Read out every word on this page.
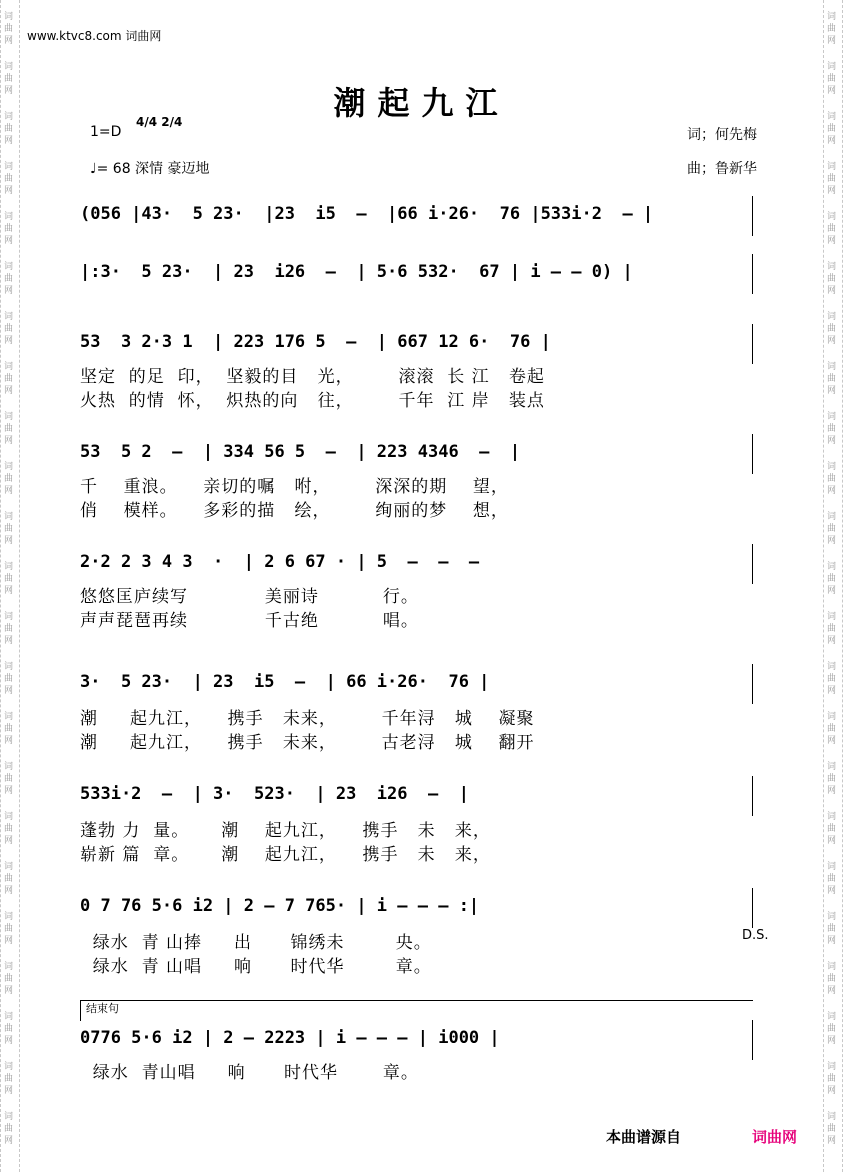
词
曲
网
词
曲
网
词
曲
网
词
曲
网
词
曲
网
词
曲
网
词
曲
网
词
曲
网
词
曲
网
词
曲
网
词
曲
网
词
曲
网
词
曲
网
词
曲
网
词
曲
网
词
曲
网
词
曲
网
词
曲
网
词
曲
网
词
曲
网
词
曲
网
词
曲
网
词
曲
网
词
曲
网
词
曲
网
词
曲
网
词
曲
网
词
曲
网
词
曲
网
词
曲
网
词
曲
网
词
曲
网
词
曲
网
词
曲
网
词
曲
网
词
曲
网
词
曲
网
词
曲
网
词
曲
网
词
曲
网
词
曲
网
词
曲
网
词
曲
网
词
曲
网
词
曲
网
词
曲
网
www.ktvc8.com 词曲网
潮起九江
1=D
4/4 2/4
♩= 68 深情 豪迈地
词；何先梅
曲；鲁新华
(056 |43·  5 23·  |23  i5  —  |66 i·26·  76 |533i·2  — |
|:3·  5 23·  | 23  i26  —  | 5·6 532·  67 | i — — 0) |
53  3 2·3 1  | 223 176 5  —  | 667 12 6·  76 |
坚定  的足  印，  坚毅的目   光，       滚滚  长 江   卷起
火热  的情  怀，  炽热的向   往，       千年  江 岸   装点
53  5 2  —  | 334 56 5  —  | 223 4346  —  |
千    重浪。    亲切的嘱   咐，       深深的期    望，
俏    模样。    多彩的描   绘，       绚丽的梦    想，
2·2 2 3 4 3  ·  | 2 6 67 · | 5  —  —  —
悠悠匡庐续写            美丽诗          行。
声声琵琶再续            千古绝          唱。
3·  5 23·  | 23  i5  —  | 66 i·26·  76 |
潮     起九江，    携手   未来，       千年浔   城    凝聚
潮     起九江，    携手   未来，       古老浔   城    翻开
533i·2  —  | 3·  523·  | 23  i26  —  |
蓬勃 力  量。     潮    起九江，    携手   未   来，
崭新 篇  章。     潮    起九江，    携手   未   来，
0 7 76 5·6 i2 | 2 — 7 765· | i — — — :|
D.S.
绿水  青 山捧     出      锦绣未        央。
绿水  青 山唱     响      时代华        章。
结束句
0776 5·6 i2 | 2 — 2223 | i — — — | i000 |
绿水  青山唱     响      时代华       章。
本曲谱源自	词曲网
